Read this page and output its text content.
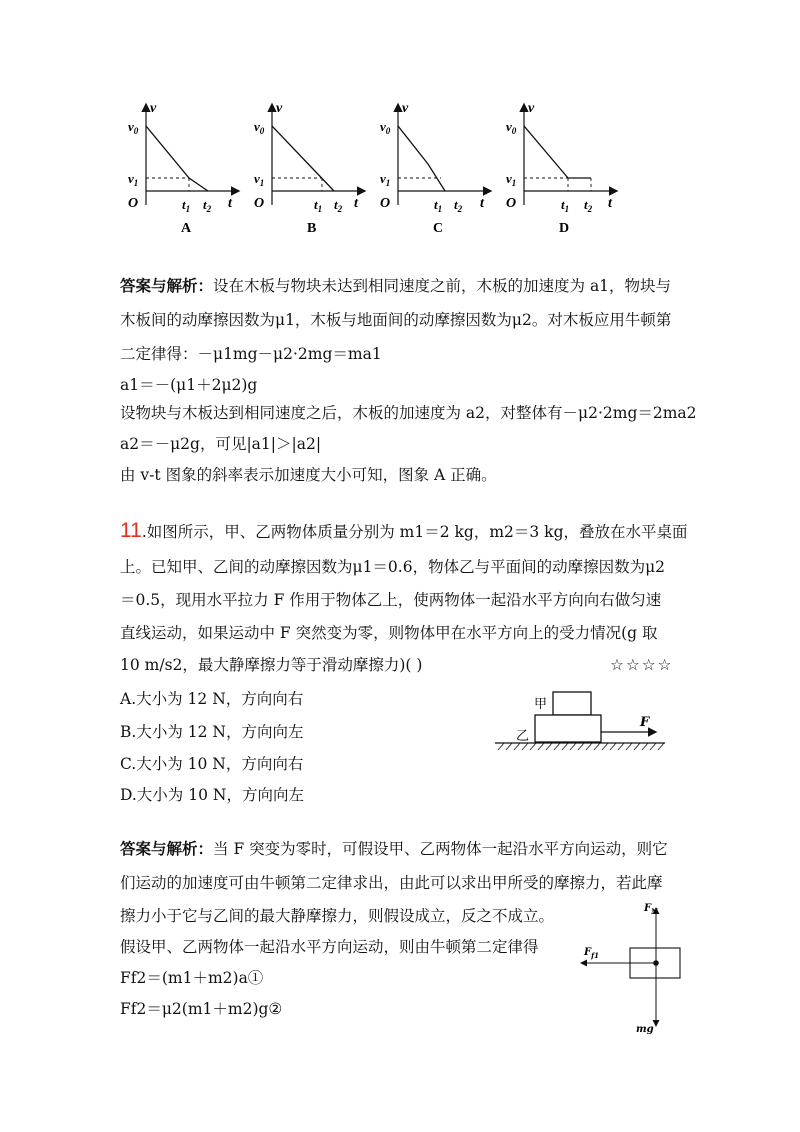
v
$v_0$
$v_1$
O	$t_1$ $t_2$ t
A
v
$v_0$
$v_1$
O	$t_1$ $t_2$ t
B
v
$v_0$
$v_1$
O	$t_1$ $t_2$ t
C
v
$v_0$
$v_1$
O	$t_1$ $t_2$ t
D
答案与解析：设在木板与物块未达到相同速度之前，木板的加速度为 a1，物块与
木板间的动摩擦因数为μ1，木板与地面间的动摩擦因数为μ2。对木板应用牛顿第
二定律得：－μ1mg－μ2·2mg＝ma1
a1＝－(μ1＋2μ2)g
设物块与木板达到相同速度之后，木板的加速度为 a2，对整体有－μ2·2mg＝2ma2
a2＝－μ2g，可见|a1|＞|a2|
由 v-t 图象的斜率表示加速度大小可知，图象 A 正确。
11.如图所示，甲、乙两物体质量分别为 m1＝2 kg，m2＝3 kg，叠放在水平桌面
上。已知甲、乙间的动摩擦因数为μ1＝0.6，物体乙与平面间的动摩擦因数为μ2
＝0.5，现用水平拉力 F 作用于物体乙上，使两物体一起沿水平方向向右做匀速
直线运动，如果运动中 F 突然变为零，则物体甲在水平方向上的受力情况(g 取
10 m/s2，最大静摩擦力等于滑动摩擦力)( )	☆☆☆☆
A.大小为 12 N，方向向右
B.大小为 12 N，方向向左
C.大小为 10 N，方向向右
D.大小为 10 N，方向向左
甲
乙
F
答案与解析：当 F 突变为零时，可假设甲、乙两物体一起沿水平方向运动，则它
们运动的加速度可由牛顿第二定律求出，由此可以求出甲所受的摩擦力，若此摩
擦力小于它与乙间的最大静摩擦力，则假设成立，反之不成立。
假设甲、乙两物体一起沿水平方向运动，则由牛顿第二定律得
Ff2＝(m1＋m2)a①
Ff2＝μ2(m1＋m2)g②
$F_N$
$F_{f1}$
mg
